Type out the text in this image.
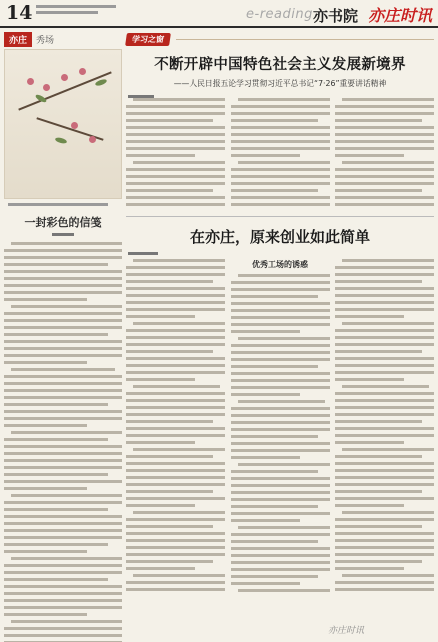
14	e-reading 亦书院 亦庄时讯
亦庄	秀场
一封彩色的信笺
学习之窗
不断开辟中国特色社会主义发展新境界
——人民日报五论学习贯彻习近平总书记“7·26”重要讲话精神
在亦庄，原来创业如此简单
优秀工场的诱惑
亦庄时讯
